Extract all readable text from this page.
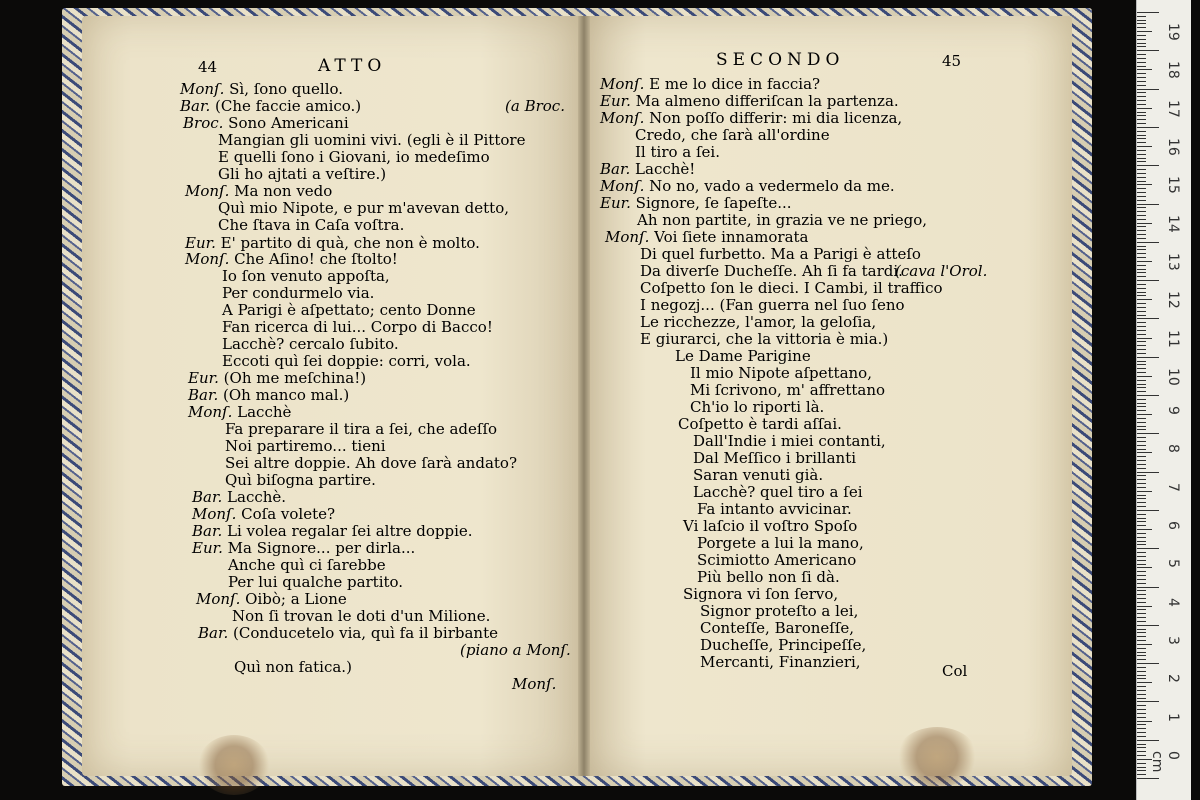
44	ATTO	SECONDO	45
Monſ. Sì, ſono quello.
Bar. (Che faccie amico.)	(a Broc.
Broc. Sono Americani
Mangian gli uomini vivi. (egli è il Pittore
E quelli ſono i Giovani, io medeſimo
Gli ho ajtati a veſtire.)
Monſ. Ma non vedo
Quì mio Nipote, e pur m'avevan detto,
Che ſtava in Caſa voſtra.
Eur. E' partito di quà, che non è molto.
Monſ. Che Aſino! che ſtolto!
Io ſon venuto appoſta,
Per condurmelo via.
A Parigi è aſpettato; cento Donne
Fan ricerca di lui... Corpo di Bacco!
Lacchè? cercalo ſubito.
Eccoti quì ſei doppie: corri, vola.
Eur. (Oh me meſchina!)
Bar. (Oh manco mal.)
Monſ. Lacchè
Fa preparare il tira a ſei, che adeſſo
Noi partiremo... tieni
Sei altre doppie. Ah dove ſarà andato?
Quì biſogna partire.
Bar. Lacchè.
Monſ. Coſa volete?
Bar. Li volea regalar ſei altre doppie.
Eur. Ma Signore... per dirla...
Anche quì ci ſarebbe
Per lui qualche partito.
Monſ. Oibò; a Lione
Non ſi trovan le doti d'un Milione.
Bar. (Conducetelo via, quì fa il birbante
(piano a Monſ.
Quì non fatica.)
Monſ.
Monſ. E me lo dice in faccia?
Eur. Ma almeno differiſcan la partenza.
Monſ. Non poſſo differir: mi dia licenza,
Credo, che ſarà all'ordine
Il tiro a ſei.
Bar. Lacchè!
Monſ. No no, vado a vedermelo da me.
Eur. Signore, ſe ſapeſte...
Ah non partite, in grazia ve ne priego,
Monſ. Voi ſiete innamorata
Di quel furbetto. Ma a Parigi è atteſo
Da diverſe Ducheſſe. Ah ſi fa tardi.
(cava l'Orol.
Coſpetto ſon le dieci. I Cambi, il traffico
I negozj... (Fan guerra nel ſuo ſeno
Le ricchezze, l'amor, la geloſia,
E giurarci, che la vittoria è mia.)
Le Dame Parigine
Il mio Nipote aſpettano,
Mi ſcrivono, m' affrettano
Ch'io lo riporti là.
Coſpetto è tardi aſſai.
Dall'Indie i miei contanti,
Dal Meſſico i brillanti
Saran venuti già.
Lacchè? quel tiro a ſei
Fa intanto avvicinar.
Vi laſcio il voſtro Spoſo
Porgete a lui la mano,
Scimiotto Americano
Più bello non ſi dà.
Signora vi ſon ſervo,
Signor proteſto a lei,
Conteſſe, Baroneſſe,
Ducheſſe, Principeſſe,
Mercanti, Finanzieri,	Col
19
18
17
16
15
14
13
12
11
10
9
8
7
6
5
4
3
2
1
0 cm
